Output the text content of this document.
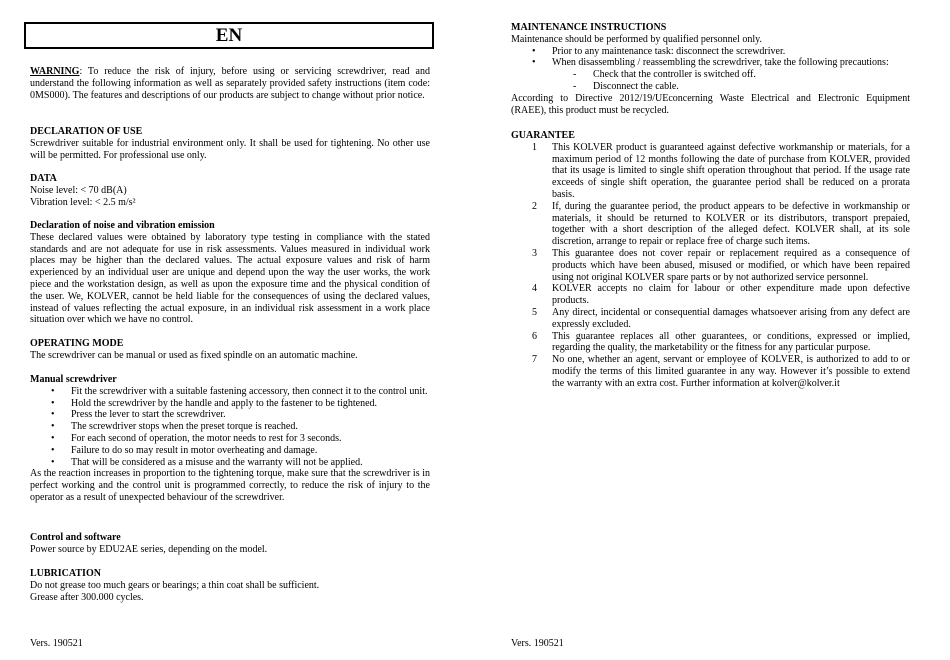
EN
WARNING: To reduce the risk of injury, before using or servicing screwdriver, read and understand the following information as well as separately provided safety instructions (item code: 0MS000). The features and descriptions of our products are subject to change without prior notice.

DECLARATION OF USE

Screwdriver suitable for industrial environment only. It shall be used for tightening. No other use will be permitted. For professional use only.

DATA

Noise level: < 70 dB(A)

Vibration level: < 2.5 m/s²

Declaration of noise and vibration emission

These declared values were obtained by laboratory type testing in compliance with the stated standards and are not adequate for use in risk assessments. Values measured in individual work places may be higher than the declared values. The actual exposure values and risk of harm experienced by an individual user are unique and depend upon the way the user works, the work piece and the workstation design, as well as upon the exposure time and the physical condition of the user. We, KOLVER, cannot be held liable for the consequences of using the declared values, instead of values reflecting the actual exposure, in an individual risk assessment in a work place situation over which we have no control.

OPERATING MODE

The screwdriver can be manual or used as fixed spindle on an automatic machine.

Manual screwdriver

• Fit the screwdriver with a suitable fastening accessory, then connect it to the control unit.
• Hold the screwdriver by the handle and apply to the fastener to be tightened.
• Press the lever to start the screwdriver.
• The screwdriver stops when the preset torque is reached.
• For each second of operation, the motor needs to rest for 3 seconds.
• Failure to do so may result in motor overheating and damage.
• That will be considered as a misuse and the warranty will not be applied.

As the reaction increases in proportion to the tightening torque, make sure that the screwdriver is in perfect working and the control unit is programmed correctly, to reduce the risk of injury to the operator as a result of unexpected behaviour of the screwdriver.

Control and software

Power source by EDU2AE series, depending on the model.

LUBRICATION

Do not grease too much gears or bearings; a thin coat shall be sufficient.

Grease after 300.000 cycles.

Vers. 190521

MAINTENANCE INSTRUCTIONS

Maintenance should be performed by qualified personnel only.

• Prior to any maintenance task: disconnect the screwdriver.
• When disassembling / reassembling the screwdriver, take the following precautions:
- Check that the controller is switched off.
- Disconnect the cable.

According to Directive 2012/19/UEconcerning Waste Electrical and Electronic Equipment (RAEE), this product must be recycled.

GUARANTEE

1 This KOLVER product is guaranteed against defective workmanship or materials, for a maximum period of 12 months following the date of purchase from KOLVER, provided that its usage is limited to single shift operation throughout that period. If the usage rate exceeds of single shift operation, the guarantee period shall be reduced on a prorata basis.
2 If, during the guarantee period, the product appears to be defective in workmanship or materials, it should be returned to KOLVER or its distributors, transport prepaied, together with a short description of the alleged defect. KOLVER shall, at its sole discretion, arrange to repair or replace free of charge such items.
3 This guarantee does not cover repair or replacement required as a consequence of products which have been abused, misused or modified, or which have been repaired using not original KOLVER spare parts or by not authorized service personnel.
4 KOLVER accepts no claim for labour or other expenditure made upon defective products.
5 Any direct, incidental or consequential damages whatsoever arising from any defect are expressly excluded.
6 This guarantee replaces all other guarantees, or conditions, expressed or implied, regarding the quality, the marketability or the fitness for any particular purpose.
7 No one, whether an agent, servant or employee of KOLVER, is authorized to add to or modify the terms of this limited guarantee in any way. However it’s possible to extend the warranty with an extra cost. Further information at kolver@kolver.it
Vers. 190521
